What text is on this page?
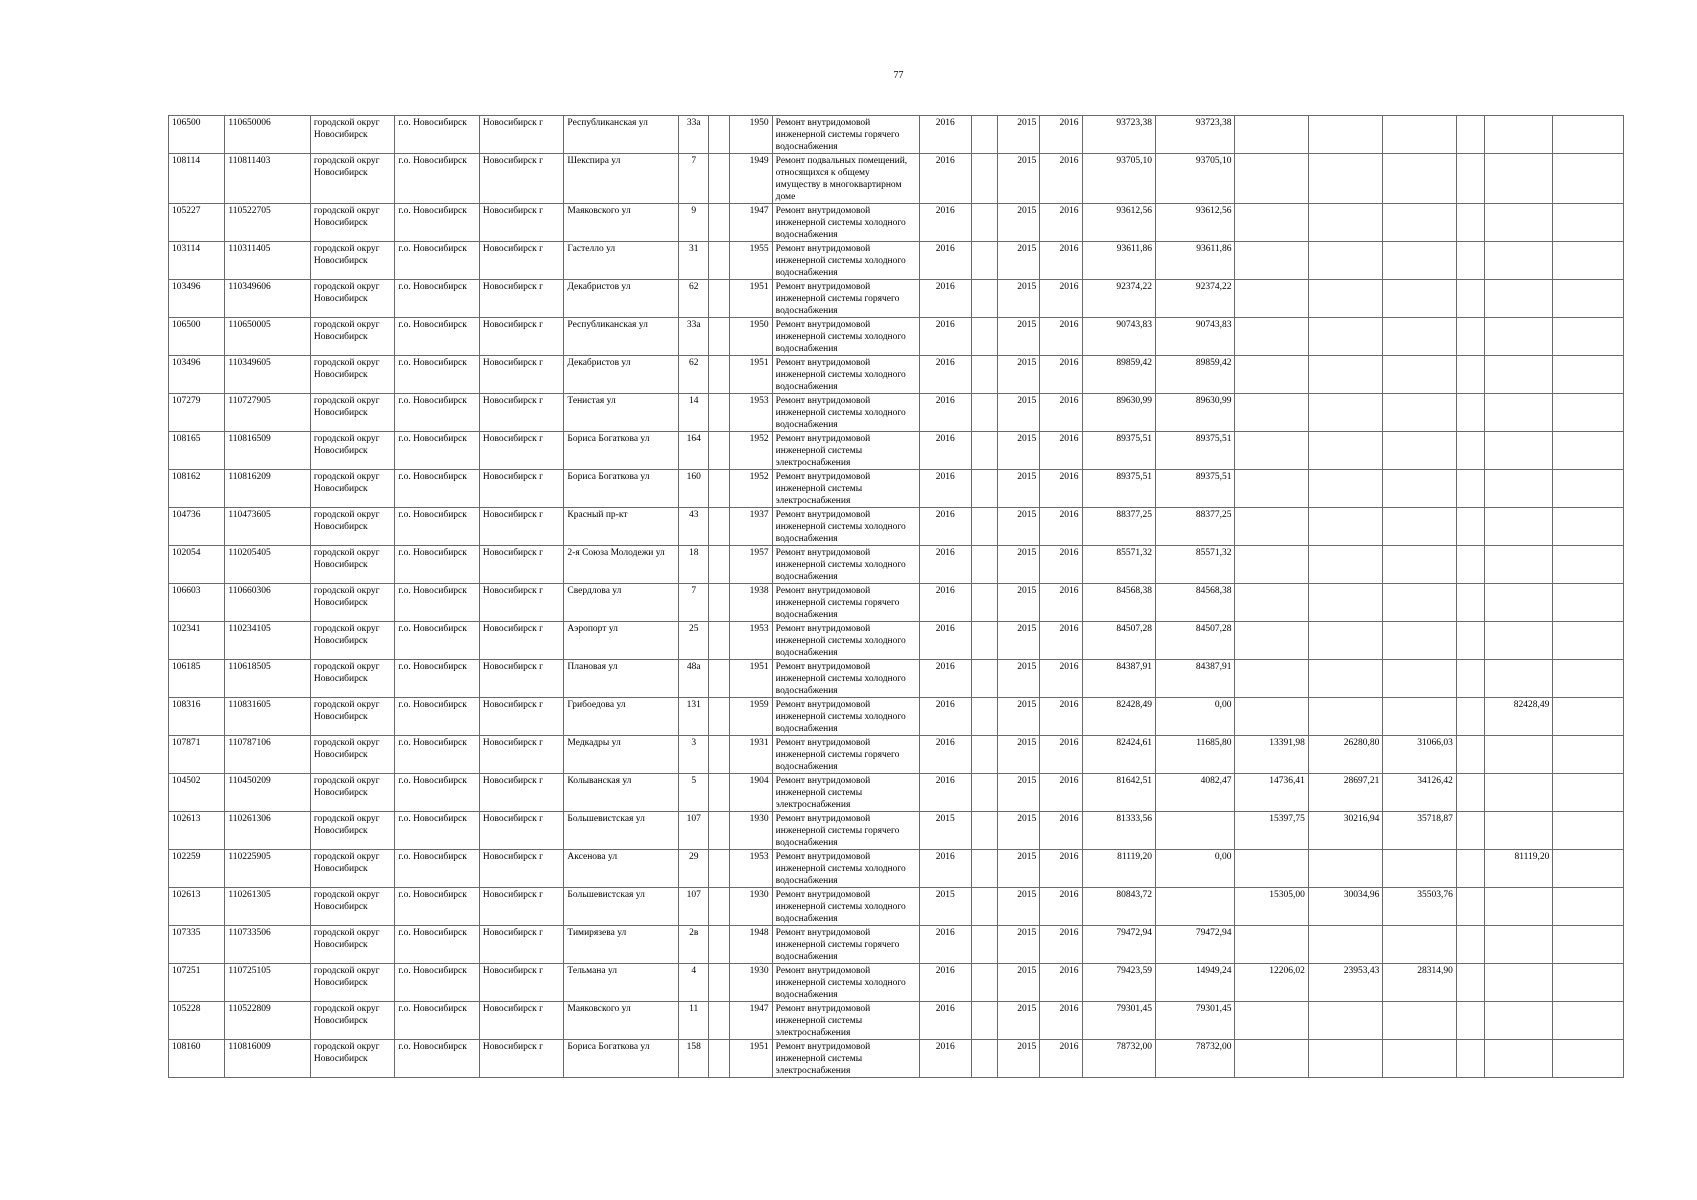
77
106500	110650006	городской округ Новосибирск	г.о. Новосибирск	Новосибирск г	Республиканская ул	33а		1950	Ремонт внутридомовой инженерной системы горячего водоснабжения	2016		2015	2016	93723,38	93723,38						
108114	110811403	городской округ Новосибирск	г.о. Новосибирск	Новосибирск г	Шекспира ул	7		1949	Ремонт подвальных помещений, относящихся к общему имуществу в многоквартирном доме	2016		2015	2016	93705,10	93705,10						
105227	110522705	городской округ Новосибирск	г.о. Новосибирск	Новосибирск г	Маяковского ул	9		1947	Ремонт внутридомовой инженерной системы холодного водоснабжения	2016		2015	2016	93612,56	93612,56						
103114	110311405	городской округ Новосибирск	г.о. Новосибирск	Новосибирск г	Гастелло ул	31		1955	Ремонт внутридомовой инженерной системы холодного водоснабжения	2016		2015	2016	93611,86	93611,86						
103496	110349606	городской округ Новосибирск	г.о. Новосибирск	Новосибирск г	Декабристов ул	62		1951	Ремонт внутридомовой инженерной системы горячего водоснабжения	2016		2015	2016	92374,22	92374,22						
106500	110650005	городской округ Новосибирск	г.о. Новосибирск	Новосибирск г	Республиканская ул	33а		1950	Ремонт внутридомовой инженерной системы холодного водоснабжения	2016		2015	2016	90743,83	90743,83						
103496	110349605	городской округ Новосибирск	г.о. Новосибирск	Новосибирск г	Декабристов ул	62		1951	Ремонт внутридомовой инженерной системы холодного водоснабжения	2016		2015	2016	89859,42	89859,42						
107279	110727905	городской округ Новосибирск	г.о. Новосибирск	Новосибирск г	Тенистая ул	14		1953	Ремонт внутридомовой инженерной системы холодного водоснабжения	2016		2015	2016	89630,99	89630,99						
108165	110816509	городской округ Новосибирск	г.о. Новосибирск	Новосибирск г	Бориса Богаткова ул	164		1952	Ремонт внутридомовой инженерной системы электроснабжения	2016		2015	2016	89375,51	89375,51						
108162	110816209	городской округ Новосибирск	г.о. Новосибирск	Новосибирск г	Бориса Богаткова ул	160		1952	Ремонт внутридомовой инженерной системы электроснабжения	2016		2015	2016	89375,51	89375,51						
104736	110473605	городской округ Новосибирск	г.о. Новосибирск	Новосибирск г	Красный пр-кт	43		1937	Ремонт внутридомовой инженерной системы холодного водоснабжения	2016		2015	2016	88377,25	88377,25						
102054	110205405	городской округ Новосибирск	г.о. Новосибирск	Новосибирск г	2-я Союза Молодежи ул	18		1957	Ремонт внутридомовой инженерной системы холодного водоснабжения	2016		2015	2016	85571,32	85571,32						
106603	110660306	городской округ Новосибирск	г.о. Новосибирск	Новосибирск г	Свердлова ул	7		1938	Ремонт внутридомовой инженерной системы горячего водоснабжения	2016		2015	2016	84568,38	84568,38						
102341	110234105	городской округ Новосибирск	г.о. Новосибирск	Новосибирск г	Аэропорт ул	25		1953	Ремонт внутридомовой инженерной системы холодного водоснабжения	2016		2015	2016	84507,28	84507,28						
106185	110618505	городской округ Новосибирск	г.о. Новосибирск	Новосибирск г	Плановая ул	48а		1951	Ремонт внутридомовой инженерной системы холодного водоснабжения	2016		2015	2016	84387,91	84387,91						
108316	110831605	городской округ Новосибирск	г.о. Новосибирск	Новосибирск г	Грибоедова ул	131		1959	Ремонт внутридомовой инженерной системы холодного водоснабжения	2016		2015	2016	82428,49	0,00					82428,49	
107871	110787106	городской округ Новосибирск	г.о. Новосибирск	Новосибирск г	Медкадры ул	3		1931	Ремонт внутридомовой инженерной системы горячего водоснабжения	2016		2015	2016	82424,61	11685,80	13391,98	26280,80	31066,03			
104502	110450209	городской округ Новосибирск	г.о. Новосибирск	Новосибирск г	Колыванская ул	5		1904	Ремонт внутридомовой инженерной системы электроснабжения	2016		2015	2016	81642,51	4082,47	14736,41	28697,21	34126,42			
102613	110261306	городской округ Новосибирск	г.о. Новосибирск	Новосибирск г	Большевистская ул	107		1930	Ремонт внутридомовой инженерной системы горячего водоснабжения	2015		2015	2016	81333,56		15397,75	30216,94	35718,87			
102259	110225905	городской округ Новосибирск	г.о. Новосибирск	Новосибирск г	Аксенова ул	29		1953	Ремонт внутридомовой инженерной системы холодного водоснабжения	2016		2015	2016	81119,20	0,00					81119,20	
102613	110261305	городской округ Новосибирск	г.о. Новосибирск	Новосибирск г	Большевистская ул	107		1930	Ремонт внутридомовой инженерной системы холодного водоснабжения	2015		2015	2016	80843,72		15305,00	30034,96	35503,76			
107335	110733506	городской округ Новосибирск	г.о. Новосибирск	Новосибирск г	Тимирязева ул	2в		1948	Ремонт внутридомовой инженерной системы горячего водоснабжения	2016		2015	2016	79472,94	79472,94						
107251	110725105	городской округ Новосибирск	г.о. Новосибирск	Новосибирск г	Тельмана ул	4		1930	Ремонт внутридомовой инженерной системы холодного водоснабжения	2016		2015	2016	79423,59	14949,24	12206,02	23953,43	28314,90			
105228	110522809	городской округ Новосибирск	г.о. Новосибирск	Новосибирск г	Маяковского ул	11		1947	Ремонт внутридомовой инженерной системы электроснабжения	2016		2015	2016	79301,45	79301,45						
108160	110816009	городской округ Новосибирск	г.о. Новосибирск	Новосибирск г	Бориса Богаткова ул	158		1951	Ремонт внутридомовой инженерной системы электроснабжения	2016		2015	2016	78732,00	78732,00						
